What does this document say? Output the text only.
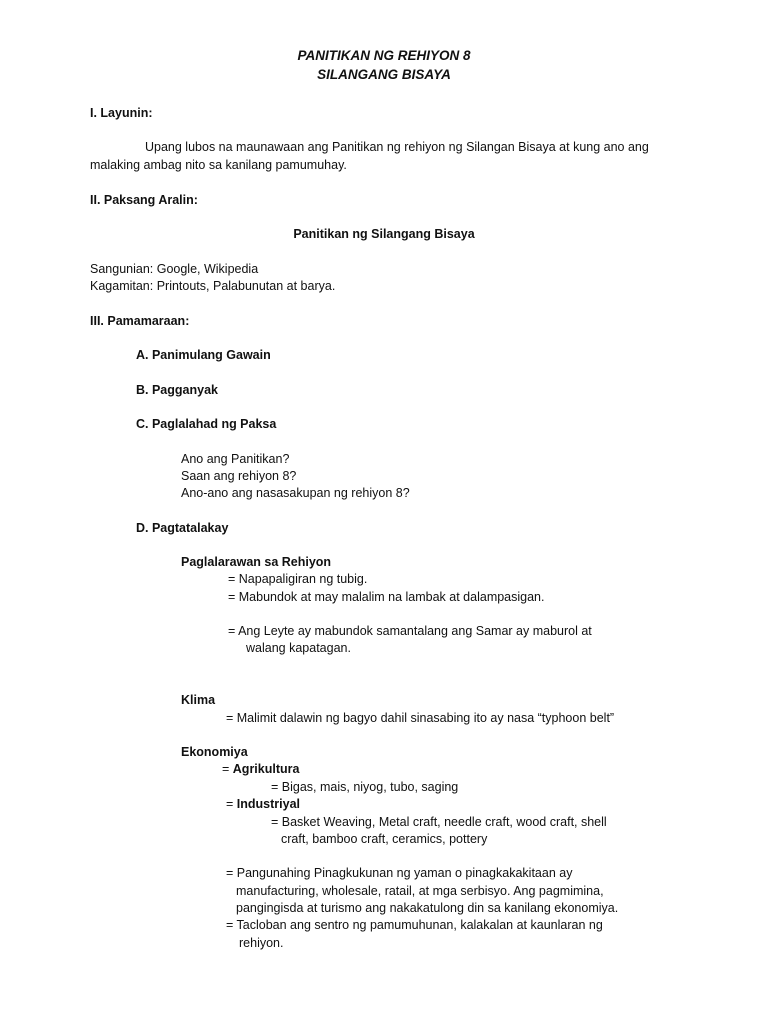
PANITIKAN NG REHIYON 8
SILANGANG BISAYA
I. Layunin:
Upang lubos na maunawaan ang Panitikan ng rehiyon ng Silangan Bisaya at kung ano ang malaking ambag nito sa kanilang pamumuhay.
II. Paksang Aralin:
Panitikan ng Silangang Bisaya
Sangunian: Google, Wikipedia
Kagamitan: Printouts, Palabunutan at barya.
III. Pamamaraan:
A. Panimulang Gawain
B. Pagganyak
C. Paglalahad ng Paksa
Ano ang Panitikan?
Saan ang rehiyon 8?
Ano-ano ang nasasakupan ng rehiyon 8?
D. Pagtatalakay
Paglalarawan sa Rehiyon
= Napapaligiran ng tubig.
= Mabundok at may malalim na lambak at dalampasigan.
= Ang Leyte ay mabundok samantalang ang Samar ay maburol at
walang kapatagan.
Klima
= Malimit dalawin ng bagyo dahil sinasabing ito ay nasa “typhoon belt”
Ekonomiya
= Agrikultura
= Bigas, mais, niyog, tubo, saging
= Industriyal
= Basket Weaving, Metal craft, needle craft, wood craft, shell
craft, bamboo craft, ceramics, pottery
= Pangunahing Pinagkukunan ng yaman o pinagkakakitaan ay
manufacturing, wholesale, ratail, at mga serbisyo. Ang pagmimina,
pangingisda at turismo ang nakakatulong din sa kanilang ekonomiya.
= Tacloban ang sentro ng pamumuhunan, kalakalan at kaunlaran ng
rehiyon.
